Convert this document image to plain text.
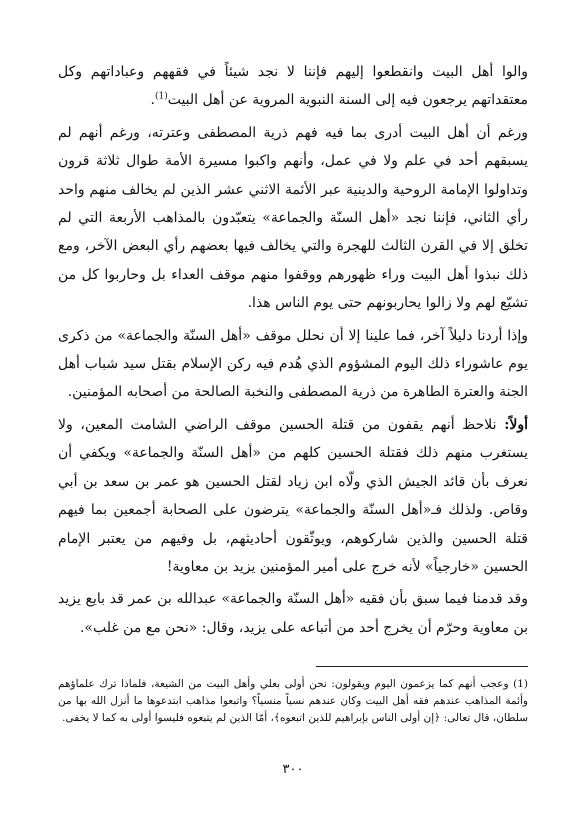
والوا أهل البيت وانقطعوا إليهم فإننا لا نجد شيئاً في فقههم وعباداتهم وكل معتقداتهم يرجعون فيه إلى السنة النبوية المروية عن أهل البيت$^{(1)}$.

ورغم أن أهل البيت أدرى بما فيه فهم ذرية المصطفى وعترته، ورغم أنهم لم يسبقهم أحد في علم ولا في عمل، وأنهم واكبوا مسيرة الأمة طوال ثلاثة قرون وتداولوا الإمامة الروحية والدينية عبر الأئمة الاثني عشر الذين لم يخالف منهم واحد رأي الثاني، فإننا نجد «أهل السنّة والجماعة» يتعبّدون بالمذاهب الأربعة التي لم تخلق إلا في القرن الثالث للهجرة والتي يخالف فيها بعضهم رأي البعض الآخر، ومع ذلك نبذوا أهل البيت وراء ظهورهم ووقفوا منهم موقف العداء بل وحاربوا كل من تشيّع لهم ولا زالوا يحاربونهم حتى يوم الناس هذا.

وإذا أردنا دليلاً آخر، فما علينا إلا أن نحلل موقف «أهل السنّة والجماعة» من ذكرى يوم عاشوراء ذلك اليوم المشؤوم الذي هُدم فيه ركن الإسلام بقتل سيد شباب أهل الجنة والعترة الطاهرة من ذرية المصطفى والنخبة الصالحة من أصحابه المؤمنين.

أولاً: نلاحظ أنهم يقفون من قتلة الحسين موقف الراضي الشامت المعين، ولا يستغرب منهم ذلك فقتلة الحسين كلهم من «أهل السنّة والجماعة» ويكفي أن نعرف بأن قائد الجيش الذي ولّاه ابن زياد لقتل الحسين هو عمر بن سعد بن أبي وقاص. ولذلك فـ«أهل السنّة والجماعة» يترضون على الصحابة أجمعين بما فيهم قتلة الحسين والذين شاركوهم، ويوثّقون أحاديثهم، بل وفيهم من يعتبر الإمام الحسين «خارجياً» لأنه خرج على أمير المؤمنين يزيد بن معاوية!

وقد قدمنا فيما سبق بأن فقيه «أهل السنّة والجماعة» عبدالله بن عمر قد بايع يزيد بن معاوية وحرّم أن يخرج أحد من أتباعه على يزيد، وقال: «نحن مع من غلب».

(1) وعجب أنهم كما يزعمون اليوم ويقولون: نحن أولى بعلي وأهل البيت من الشيعة، فلماذا ترك علماؤهم وأئمة المذاهب عندهم فقه أهل البيت وكان عندهم نسياً منسياً؟ واتبعوا مذاهب ابتدعوها ما أنزل الله بها من سلطان، قال تعالى: ﴿إن أولى الناس بإبراهيم للذين اتبعوه﴾، أمّا الذين لم يتبعوه فليسوا أولى به كما لا يخفى.
٣٠٠
